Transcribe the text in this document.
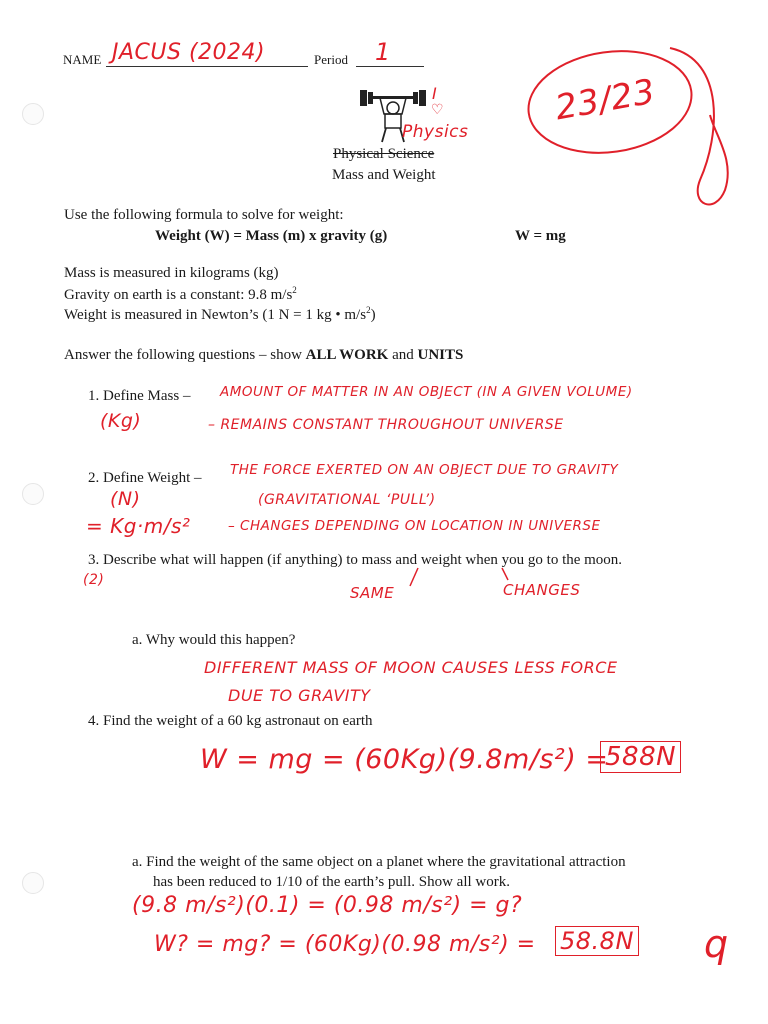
NAME JACUS (2024)	Period 1
23/23
I
♡
Physics
Physical Science
Mass and Weight
Use the following formula to solve for weight:
Weight (W) = Mass (m) x gravity (g)	W = mg
Mass is measured in kilograms (kg)
Gravity on earth is a constant: 9.8 $m/s^2$
Weight is measured in Newton’s (1 N = 1 kg • $m/s^2$)
Answer the following questions – show ALL WORK and UNITS
1. Define Mass – AMOUNT OF MATTER IN AN OBJECT (IN A GIVEN VOLUME)
(Kg)	– REMAINS CONSTANT THROUGHOUT UNIVERSE
2. Define Weight – THE FORCE EXERTED ON AN OBJECT DUE TO GRAVITY
(N)	(GRAVITATIONAL ‘PULL’)
= Kg·m/s²	– CHANGES DEPENDING ON LOCATION IN UNIVERSE
3. Describe what will happen (if anything) to mass and weight when you go to the moon.
(2)
SAME	CHANGES
a. Why would this happen?
DIFFERENT MASS OF MOON CAUSES LESS FORCE
DUE TO GRAVITY
4. Find the weight of a 60 kg astronaut on earth
W = mg = (60Kg)(9.8m/s²) =
588N
a. Find the weight of the same object on a planet where the gravitational attraction
has been reduced to 1/10 of the earth’s pull. Show all work.
(9.8 m/s²)(0.1) = (0.98 m/s²) = g?
W? = mg? = (60Kg)(0.98 m/s²) = 58.8N q
